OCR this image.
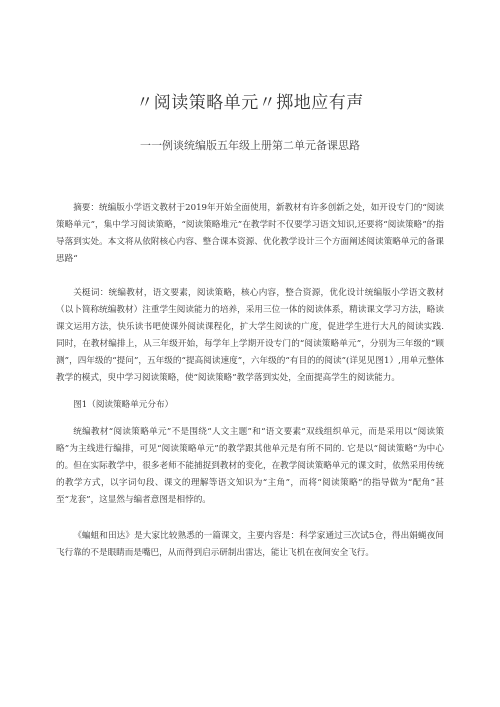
〃阅读策略单元〃掷地应有声
一一例谈统编版五年级上册第二单元备课思路

摘要：统编版小学语文教材于2019年开始全面使用，新教材有许多创新之处，如开设专门的“阅读策略单元”，集中学习阅读策略，“阅读策略堆元”在教学时不仅要学习语文知识,还要将“阅读策略”的指导落到实处。本文将从依附核心内容、整合课本资源、优化教学设计三个方面阐述阅读策略单元的备课思路“

关梃词：统编教材，语文要素，阅读策略，核心内容，整合资源，优化设计统编版小学语文教材（以卜简称统编教材）注重学生阅读能力的培养，采用三位一体的阅读体系，精读课文学习方法，略读课文运用方法，快乐读书吧使课外阅读课程化，扩大学生阅读的广度，促进学生进行大凡的阅读实践. 同时，在教材编排上，从三年级开始，每学年上学期开设专门的“阅读策略单元”，分别为三年级的“顾测”，四年级的“提问”，五年级的“提高阅读速度”，六年级的“有目的的阅读”(详见见图1）,用单元整体教学的模式，臾中学习阅读策略，使“阅读策略”教学落到实处，全面提高学生的阅读能力。

图1（阅读策略单元分布）

统编教材“阅读策略单元”不是围绕“人文主题”和“语文要素”双线组织单元，而是采用以“阅读策略”为主线进行编排，可见“阅读策略单元”的教学跟其他单元是有所不同的. 它是以“阅读策略”为中心的。但在实际教学中，很多老师不能捕捉到教材的变化，在教学阅读策略单元的课文时，依然采用传统的教学方式，以字词句段、课文的理解等语文知识为“主角”，而将“阅读策略”的指导做为“配角”甚至“龙套”，这显然与编者意图是相悖的。

《蝙蛆和田达》是大家比较熟悉的一篇课文，主要内容是：科学家通过三次试5仓，得出娟蝇夜间飞行靠的不是眼睛而是嘴巴，从而得到启示研制出雷达，能让飞机在夜间安全飞行。
